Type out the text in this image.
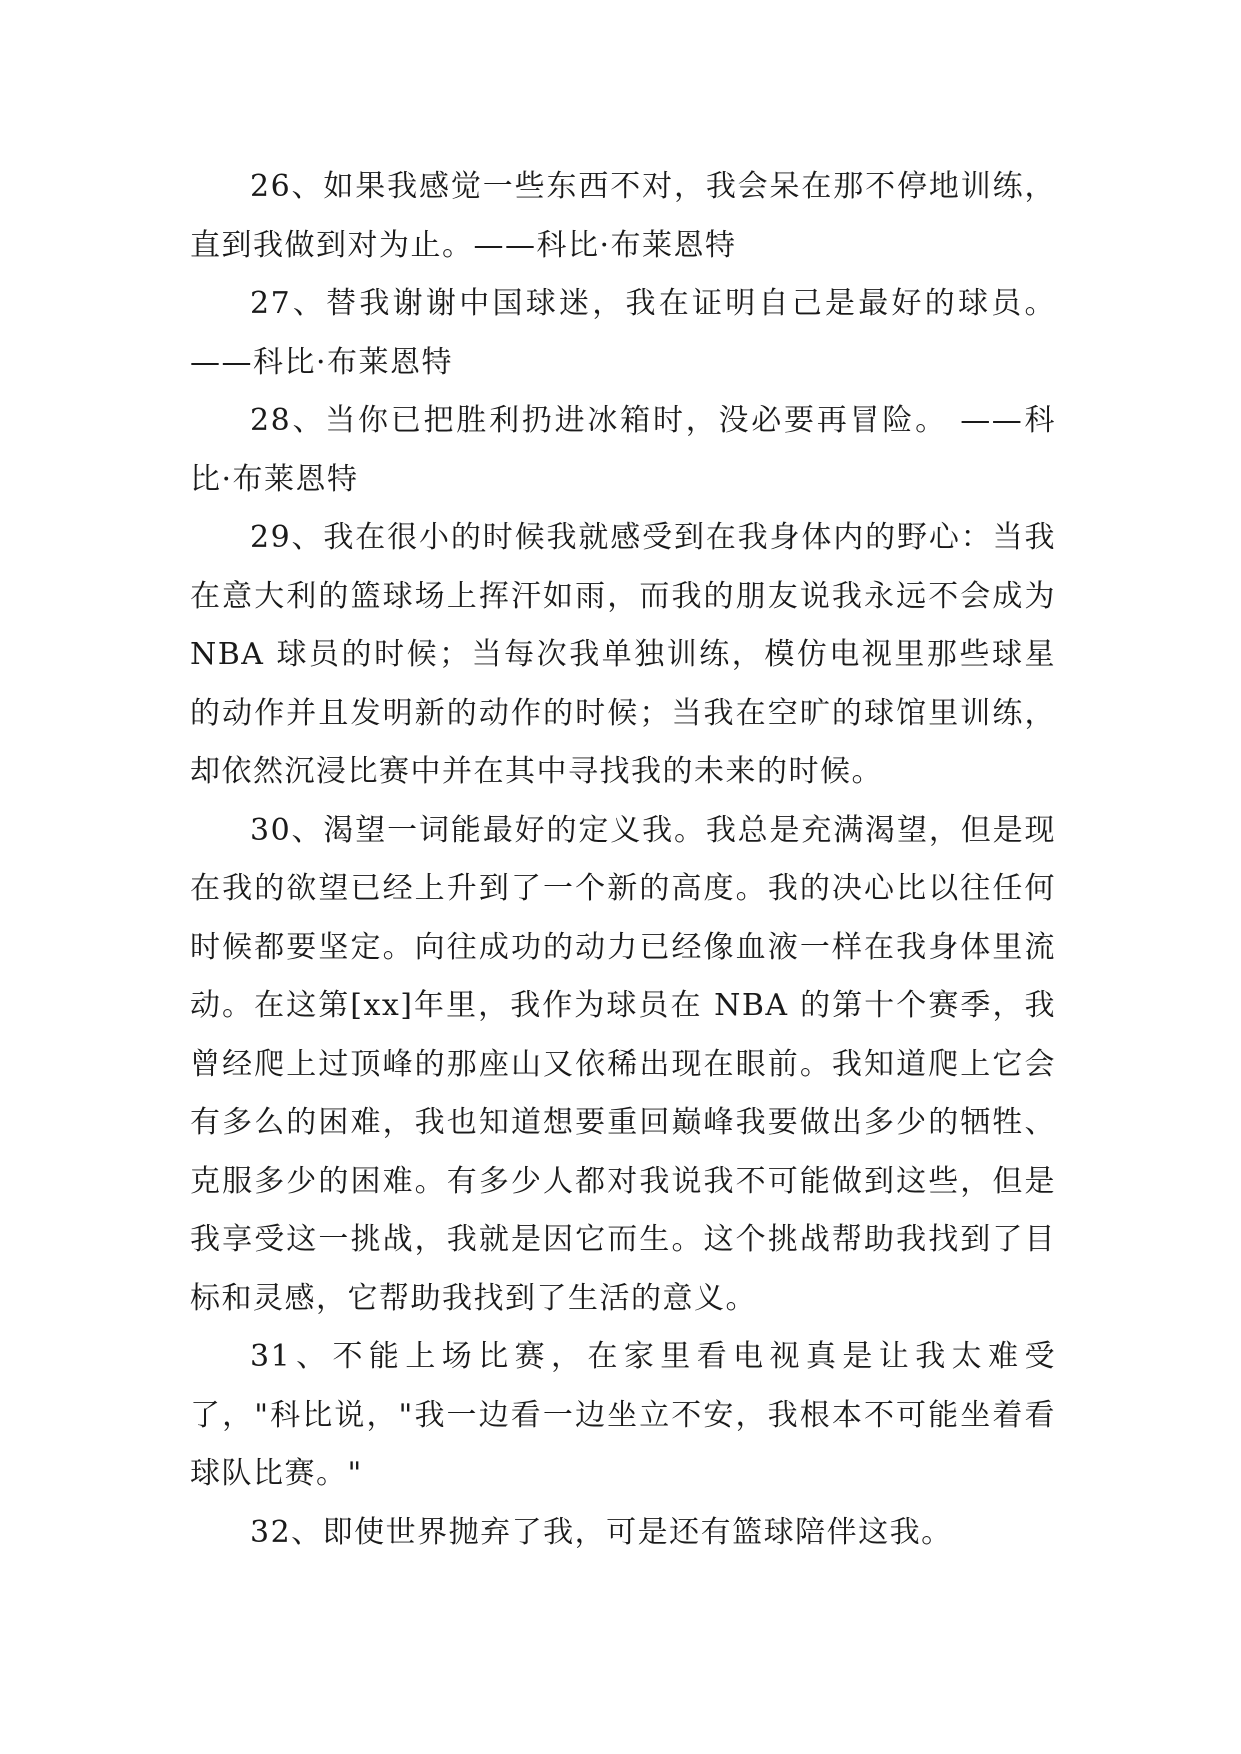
26、如果我感觉一些东西不对，我会呆在那不停地训练，直到我做到对为止。——科比·布莱恩特

27、替我谢谢中国球迷，我在证明自己是最好的球员。——科比·布莱恩特

28、当你已把胜利扔进冰箱时，没必要再冒险。 ——科比·布莱恩特

29、我在很小的时候我就感受到在我身体内的野心：当我在意大利的篮球场上挥汗如雨，而我的朋友说我永远不会成为 NBA 球员的时候；当每次我单独训练，模仿电视里那些球星的动作并且发明新的动作的时候；当我在空旷的球馆里训练，却依然沉浸比赛中并在其中寻找我的未来的时候。

30、渴望一词能最好的定义我。我总是充满渴望，但是现在我的欲望已经上升到了一个新的高度。我的决心比以往任何时候都要坚定。向往成功的动力已经像血液一样在我身体里流动。在这第[xx]年里，我作为球员在 NBA 的第十个赛季，我曾经爬上过顶峰的那座山又依稀出现在眼前。我知道爬上它会有多么的困难，我也知道想要重回巅峰我要做出多少的牺牲、克服多少的困难。有多少人都对我说我不可能做到这些，但是我享受这一挑战，我就是因它而生。这个挑战帮助我找到了目标和灵感，它帮助我找到了生活的意义。

31、不能上场比赛，在家里看电视真是让我太难受了，"科比说，"我一边看一边坐立不安，我根本不可能坐着看球队比赛。"

32、即使世界抛弃了我，可是还有篮球陪伴这我。
